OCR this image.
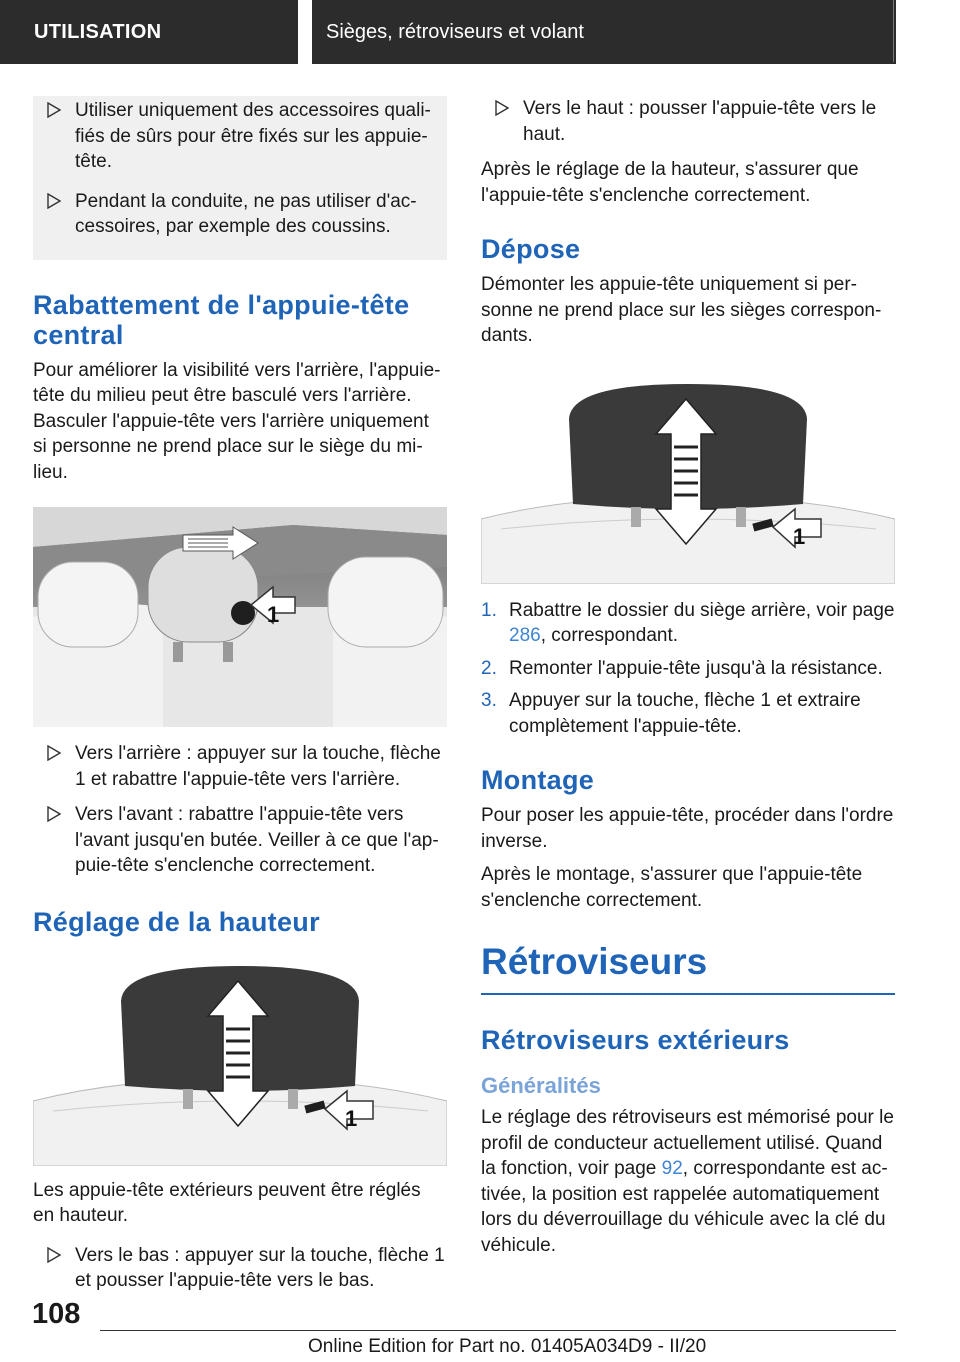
UTILISATION	Sièges, rétroviseurs et volant
Utiliser uniquement des accessoires quali-fiés de sûrs pour être fixés sur les appuie-tête.
Pendant la conduite, ne pas utiliser d'ac-cessoires, par exemple des coussins.
Rabattement de l'appuie-tête central

Pour améliorer la visibilité vers l'arrière, l'appuie-tête du milieu peut être basculé vers l'arrière. Basculer l'appuie-tête vers l'arrière uniquement si personne ne prend place sur le siège du mi-lieu.

1
Vers l'arrière : appuyer sur la touche, flèche 1 et rabattre l'appuie-tête vers l'arrière.
Vers l'avant : rabattre l'appuie-tête vers l'avant jusqu'en butée. Veiller à ce que l'ap-puie-tête s'enclenche correctement.
Réglage de la hauteur
1

Les appuie-tête extérieurs peuvent être réglés en hauteur.

Vers le bas : appuyer sur la touche, flèche 1 et pousser l'appuie-tête vers le bas.
Vers le haut : pousser l'appuie-tête vers le haut.

Après le réglage de la hauteur, s'assurer que l'appuie-tête s'enclenche correctement.

Dépose

Démonter les appuie-tête uniquement si per-sonne ne prend place sur les sièges correspon-dants.

1
1. Rabattre le dossier du siège arrière, voir page 286, correspondant.
2. Remonter l'appuie-tête jusqu'à la résistance.
3. Appuyer sur la touche, flèche 1 et extraire complètement l'appuie-tête.
Montage

Pour poser les appuie-tête, procéder dans l'ordre inverse.

Après le montage, s'assurer que l'appuie-tête s'enclenche correctement.

Rétroviseurs
Rétroviseurs extérieurs
Généralités

Le réglage des rétroviseurs est mémorisé pour le profil de conducteur actuellement utilisé. Quand la fonction, voir page 92, correspondante est ac-tivée, la position est rappelée automatiquement lors du déverrouillage du véhicule avec la clé du véhicule.

108
Online Edition for Part no. 01405A034D9 - II/20
